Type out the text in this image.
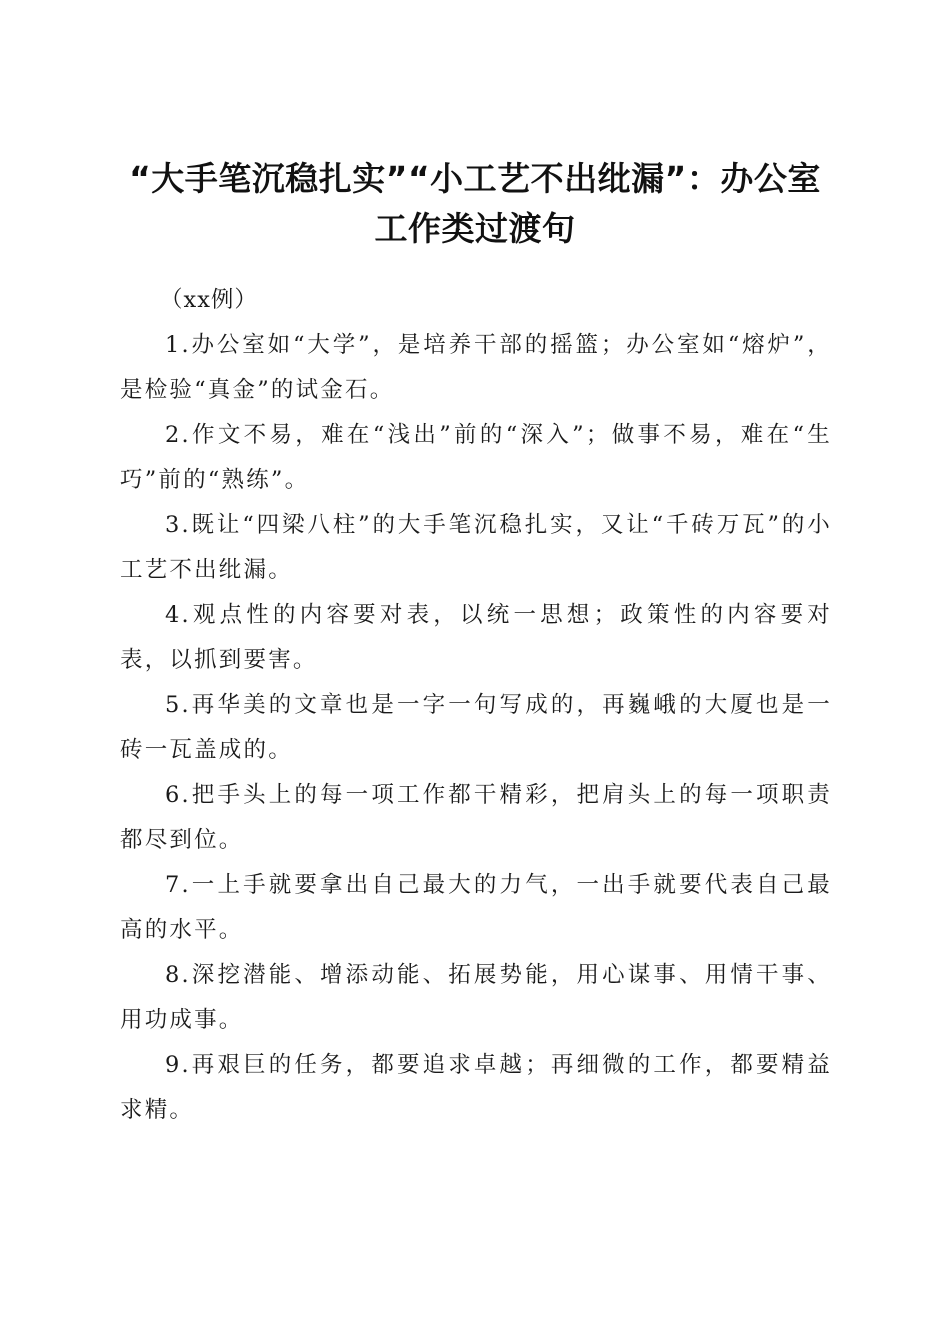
“大手笔沉稳扎实”“小工艺不出纰漏”：办公室工作类过渡句

（xx例）

1.办公室如“大学”，是培养干部的摇篮；办公室如“熔炉”，是检验“真金”的试金石。
2.作文不易，难在“浅出”前的“深入”；做事不易，难在“生巧”前的“熟练”。
3.既让“四梁八柱”的大手笔沉稳扎实，又让“千砖万瓦”的小工艺不出纰漏。
4.观点性的内容要对表，以统一思想；政策性的内容要对表，以抓到要害。
5.再华美的文章也是一字一句写成的，再巍峨的大厦也是一砖一瓦盖成的。
6.把手头上的每一项工作都干精彩，把肩头上的每一项职责都尽到位。
7.一上手就要拿出自己最大的力气，一出手就要代表自己最高的水平。
8.深挖潜能、增添动能、拓展势能，用心谋事、用情干事、用功成事。
9.再艰巨的任务，都要追求卓越；再细微的工作，都要精益求精。
